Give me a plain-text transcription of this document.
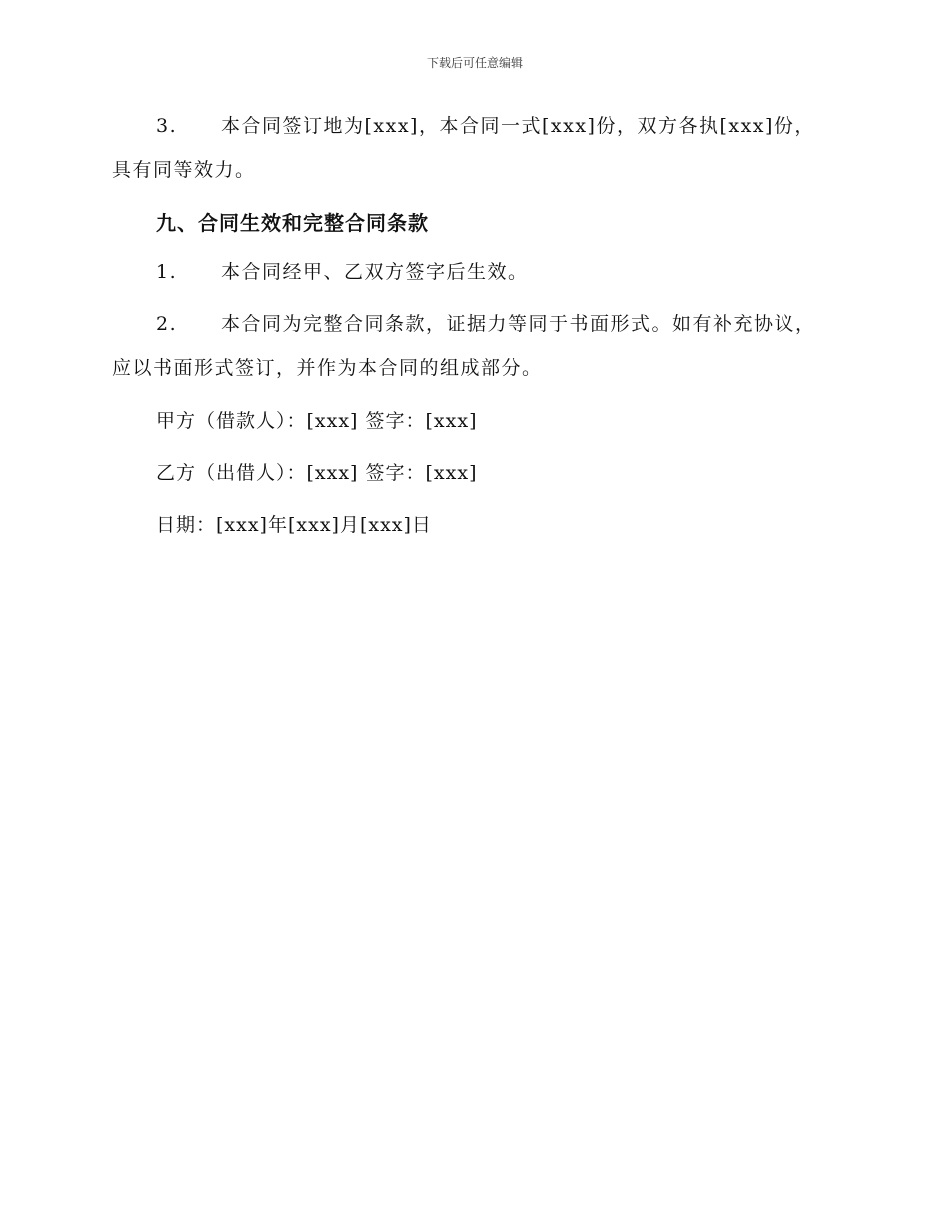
下载后可任意编辑
3. 本合同签订地为[xxx]，本合同一式[xxx]份，双方各执[xxx]份，具有同等效力。
九、合同生效和完整合同条款
1. 本合同经甲、乙双方签字后生效。
2. 本合同为完整合同条款，证据力等同于书面形式。如有补充协议，应以书面形式签订，并作为本合同的组成部分。
甲方（借款人）：[xxx] 签字：[xxx]
乙方（出借人）：[xxx] 签字：[xxx]
日期：[xxx]年[xxx]月[xxx]日
